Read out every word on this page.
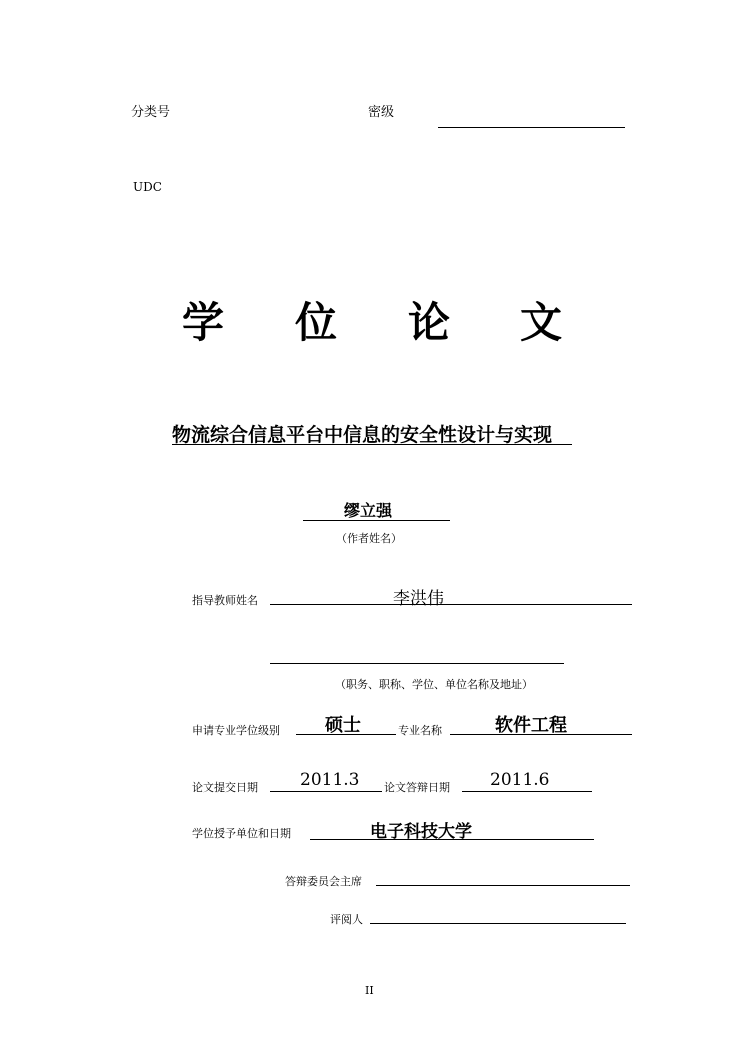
分类号	密级
UDC
学 位 论 文
物流综合信息平台中信息的安全性设计与实现
缪立强
（作者姓名）
指导教师姓名	李洪伟
（职务、职称、学位、单位名称及地址）
申请专业学位级别	硕士	专业名称	软件工程
论文提交日期 2011.3 论文答辩日期 2011.6
学位授予单位和日期	电子科技大学
答辩委员会主席
评阅人
II
